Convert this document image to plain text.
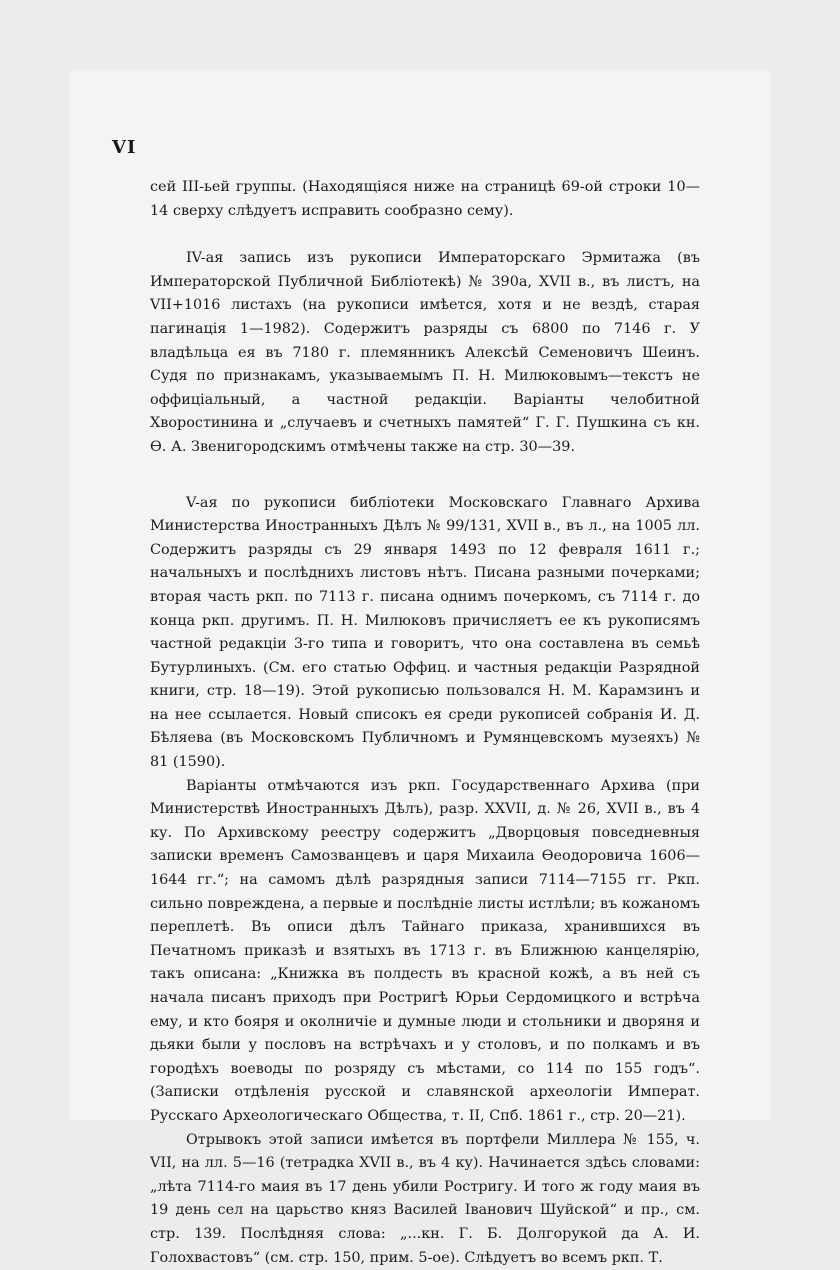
VI

сей III-ьей группы. (Находящіяся ниже на страницѣ 69-ой строки 10—14 сверху слѣдуетъ исправить сообразно сему).

IV-ая запись изъ рукописи Императорскаго Эрмитажа (въ Императорской Публичной Библіотекѣ) № 390а, XVII в., въ листъ, на VII+1016 листахъ (на рукописи имѣется, хотя и не вездѣ, старая пагинація 1—1982). Содержитъ разряды съ 6800 по 7146 г. У владѣльца ея въ 7180 г. племянникъ Алексѣй Семеновичъ Шеинъ. Судя по признакамъ, указываемымъ П. Н. Милюковымъ—текстъ не оффиціальный, а частной редакціи. Варіанты челобитной Хворостинина и „случаевъ и счетныхъ памятей“ Г. Г. Пушкина съ кн. Ѳ. А. Звенигородскимъ отмѣчены также на стр. 30—39.

V-ая по рукописи библіотеки Московскаго Главнаго Архива Министерства Иностранныхъ Дѣлъ № 99/131, XVII в., въ л., на 1005 лл. Содержитъ разряды съ 29 января 1493 по 12 февраля 1611 г.; начальныхъ и послѣднихъ листовъ нѣтъ. Писана разными почерками; вторая часть ркп. по 7113 г. писана однимъ почеркомъ, съ 7114 г. до конца ркп. другимъ. П. Н. Милюковъ причисляетъ ее къ рукописямъ частной редакціи 3-го типа и говоритъ, что она составлена въ семьѣ Бутурлиныхъ. (См. его статью Оффиц. и частныя редакціи Разрядной книги, стр. 18—19). Этой рукописью пользовался Н. М. Карамзинъ и на нее ссылается. Новый списокъ ея среди рукописей собранія И. Д. Бѣляева (въ Московскомъ Публичномъ и Румянцевскомъ музеяхъ) № 81 (1590).

Варіанты отмѣчаются изъ ркп. Государственнаго Архива (при Министерствѣ Иностранныхъ Дѣлъ), разр. XXVII, д. № 26, XVII в., въ 4 ку. По Архивскому реестру содержитъ „Дворцовыя повседневныя записки временъ Самозванцевъ и царя Михаила Ѳеодоровича 1606—1644 гг.“; на самомъ дѣлѣ разрядныя записи 7114—7155 гг. Ркп. сильно повреждена, а первые и послѣдніе листы истлѣли; въ кожаномъ переплетѣ. Въ описи дѣлъ Тайнаго приказа, хранившихся въ Печатномъ приказѣ и взятыхъ въ 1713 г. въ Ближнюю канцелярію, такъ описана: „Книжка въ полдесть въ красной кожѣ, а въ ней съ начала писанъ приходъ при Ростригѣ Юрьи Сердомицкого и встрѣча ему, и кто бояря и околничіе и думные люди и стольники и дворяня и дьяки были у пословъ на встрѣчахъ и у столовъ, и по полкамъ и въ городѣхъ воеводы по розряду съ мѣстами, со 114 по 155 годъ“. (Записки отдѣленія русской и славянской археологіи Императ. Русскаго Археологическаго Общества, т. II, Спб. 1861 г., стр. 20—21).

Отрывокъ этой записи имѣется въ портфели Миллера № 155, ч. VII, на лл. 5—16 (тетрадка XVII в., въ 4 ку). Начинается здѣсь словами: „лѣта 7114-го маия въ 17 день убили Ростригу. И того ж году маия въ 19 день сел на царьство княз Василей Іванович Шуйской“ и пр., см. стр. 139. Послѣдняя слова: „...кн. Г. Б. Долгорукой да А. И. Голохвастовъ“ (см. стр. 150, прим. 5-ое). Слѣдуетъ во всемъ ркп. Т.
